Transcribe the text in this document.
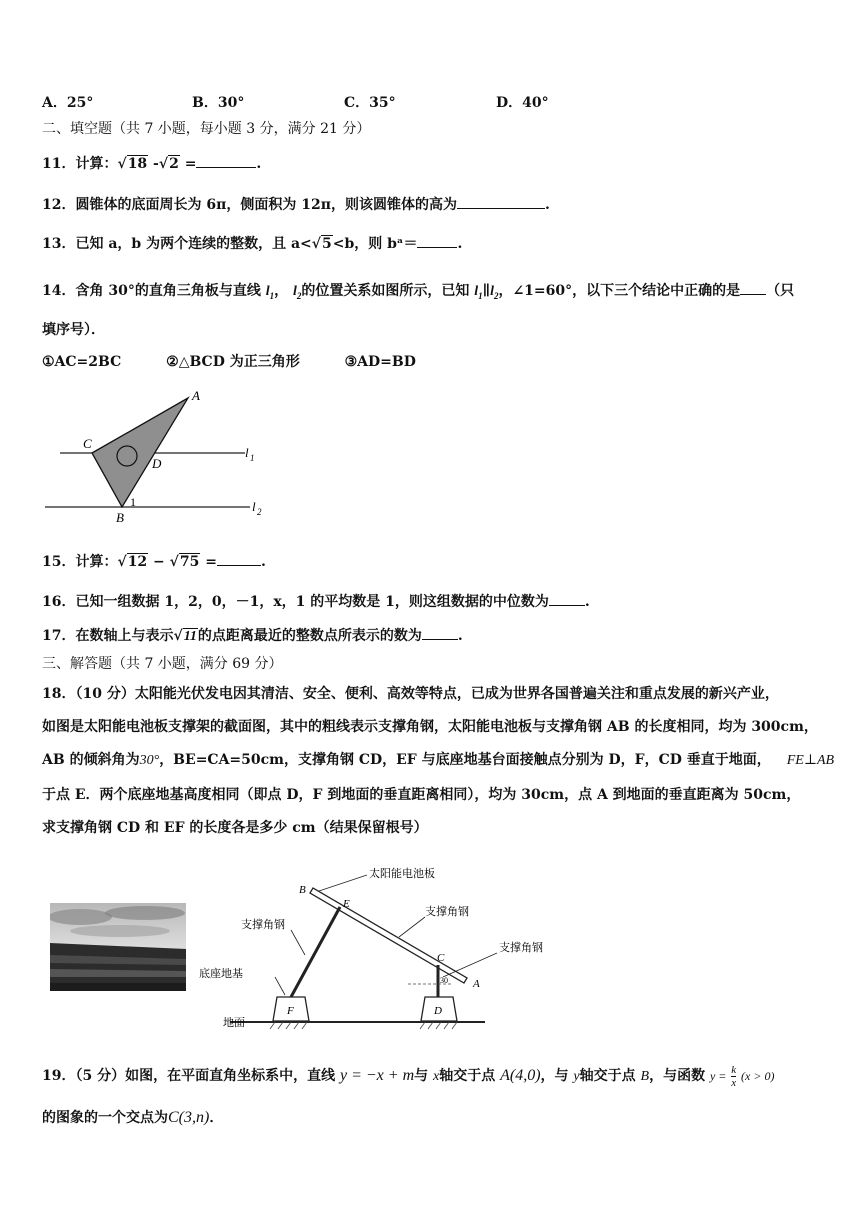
A．25°	B．30°	C．35°	D．40°
二、填空题（共 7 小题，每小题 3 分，满分 21 分）
11．计算：√18 -√2 =	.
12．圆锥体的底面周长为 6π，侧面积为 12π，则该圆锥体的高为	.
13．已知 a，b 为两个连续的整数，且 a<√5<b，则 bᵃ＝	.
14．含角 30°的直角三角板与直线 $l_1$， $l_2$的位置关系如图所示，已知 $l_1\parallel l_2$，∠1=60°，以下三个结论中正确的是 （只
填序号）．
①AC=2BC	②△BCD 为正三角形	③AD=BD
A
C
D
1
B
l 1
l 2
15．计算：√12 − √75 =	.
16．已知一组数据 1，2，0，－1，x，1 的平均数是 1，则这组数据的中位数为	.
17．在数轴上与表示√11的点距离最近的整数点所表示的数为	.
三、解答题（共 7 小题，满分 69 分）
18．（10 分）太阳能光伏发电因其清洁、安全、便利、高效等特点，已成为世界各国普遍关注和重点发展的新兴产业，
如图是太阳能电池板支撑架的截面图，其中的粗线表示支撑角钢，太阳能电池板与支撑角钢 AB 的长度相同，均为 300cm，
AB 的倾斜角为30°，BE=CA=50cm，支撑角钢 CD，EF 与底座地基台面接触点分别为 D，F，CD 垂直于地面， FE⊥AB
于点 E．两个底座地基高度相同（即点 D，F 到地面的垂直距离相同），均为 30cm，点 A 到地面的垂直距离为 50cm，
求支撑角钢 CD 和 EF 的长度各是多少 cm（结果保留根号）
B
E
C
A
30
F	D
太阳能电池板
支撑角钢
支撑角钢
支撑角钢
底座地基
地面
19．（5 分）如图，在平面直角坐标系中，直线 y = −x + m与 x轴交于点 A(4,0)，与 y轴交于点 B，与函数 $y = \frac{k}{x} (x > 0)$
的图象的一个交点为C(3,n)．
